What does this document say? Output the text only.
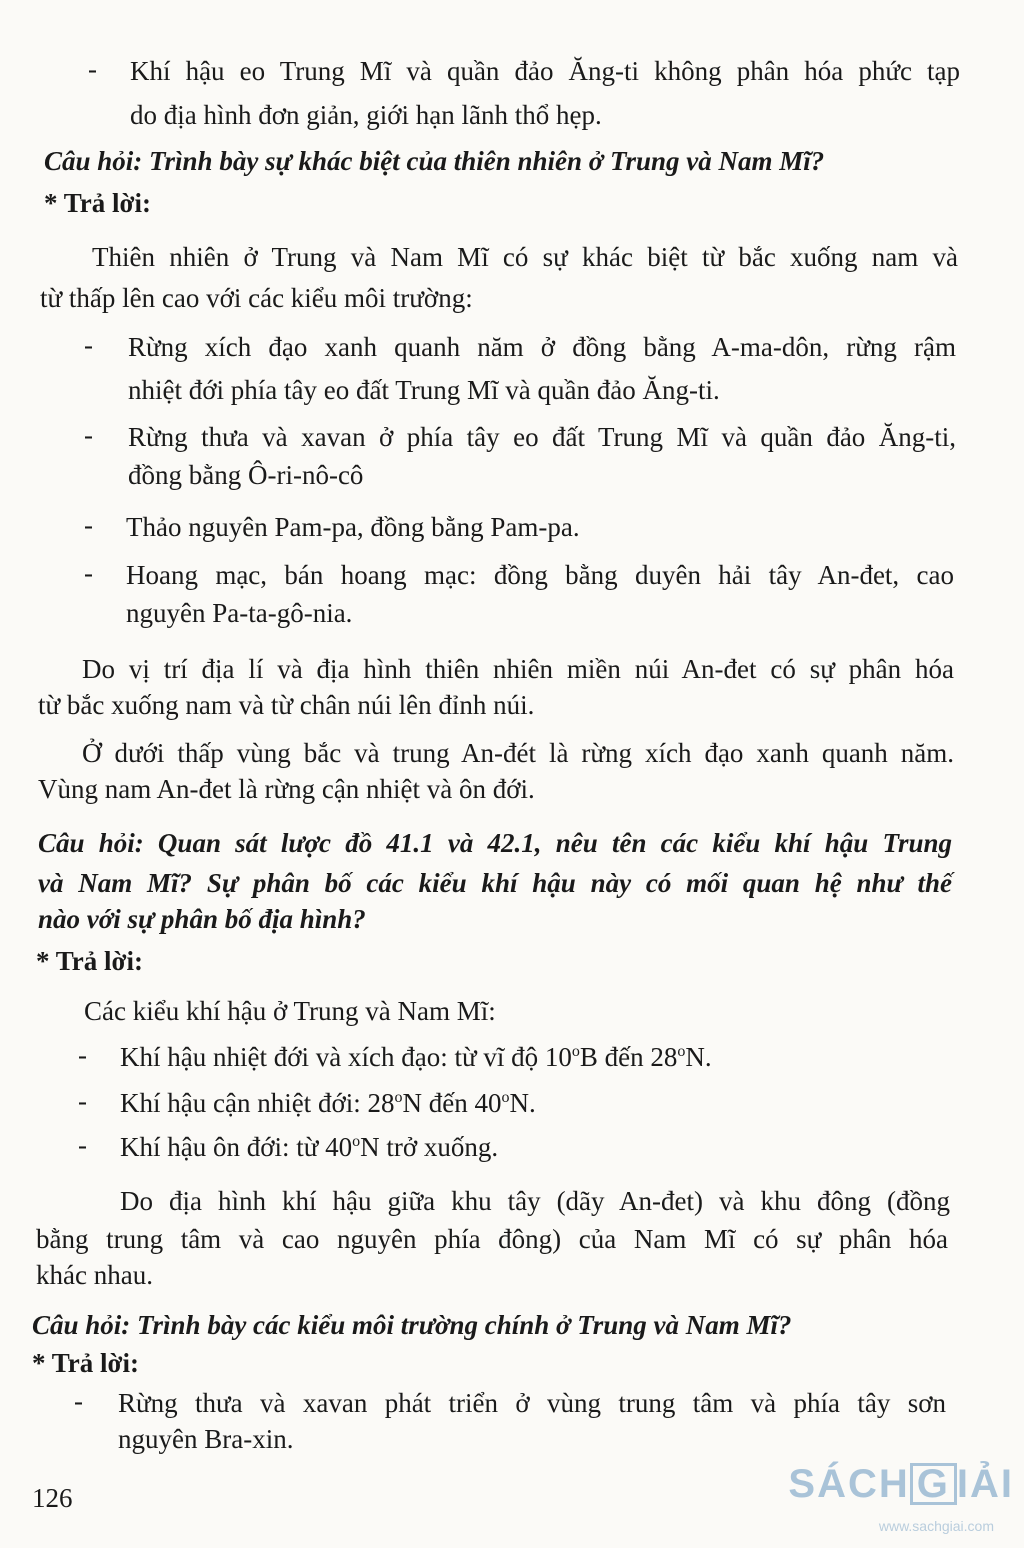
- Khí hậu eo Trung Mĩ và quần đảo Ăng-ti không phân hóa phức tạp
do địa hình đơn giản, giới hạn lãnh thổ hẹp.
Câu hỏi: Trình bày sự khác biệt của thiên nhiên ở Trung và Nam Mĩ?
* Trả lời:
Thiên nhiên ở Trung và Nam Mĩ có sự khác biệt từ bắc xuống nam và
từ thấp lên cao với các kiểu môi trường:
- Rừng xích đạo xanh quanh năm ở đồng bằng A-ma-dôn, rừng rậm
nhiệt đới phía tây eo đất Trung Mĩ và quần đảo Ăng-ti.
- Rừng thưa và xavan ở phía tây eo đất Trung Mĩ và quần đảo Ăng-ti,
đồng bằng Ô-ri-nô-cô
- Thảo nguyên Pam-pa, đồng bằng Pam-pa.
- Hoang mạc, bán hoang mạc: đồng bằng duyên hải tây An-đet, cao
nguyên Pa-ta-gô-nia.
Do vị trí địa lí và địa hình thiên nhiên miền núi An-đet có sự phân hóa
từ bắc xuống nam và từ chân núi lên đỉnh núi.
Ở dưới thấp vùng bắc và trung An-đét là rừng xích đạo xanh quanh năm.
Vùng nam An-đet là rừng cận nhiệt và ôn đới.
Câu hỏi: Quan sát lược đồ 41.1 và 42.1, nêu tên các kiểu khí hậu Trung
và Nam Mĩ? Sự phân bố các kiểu khí hậu này có mối quan hệ như thế
nào với sự phân bố địa hình?
* Trả lời:
Các kiểu khí hậu ở Trung và Nam Mĩ:
- Khí hậu nhiệt đới và xích đạo: từ vĩ độ 10$^o$B đến 28$^o$N.
- Khí hậu cận nhiệt đới: 28$^o$N đến 40$^o$N.
- Khí hậu ôn đới: từ 40$^o$N trở xuống.
Do địa hình khí hậu giữa khu tây (dãy An-đet) và khu đông (đồng
bằng trung tâm và cao nguyên phía đông) của Nam Mĩ có sự phân hóa
khác nhau.
Câu hỏi: Trình bày các kiểu môi trường chính ở Trung và Nam Mĩ?
* Trả lời:
- Rừng thưa và xavan phát triển ở vùng trung tâm và phía tây sơn
nguyên Bra-xin.
126	SÁCH G IẢI
www.sachgiai.com
